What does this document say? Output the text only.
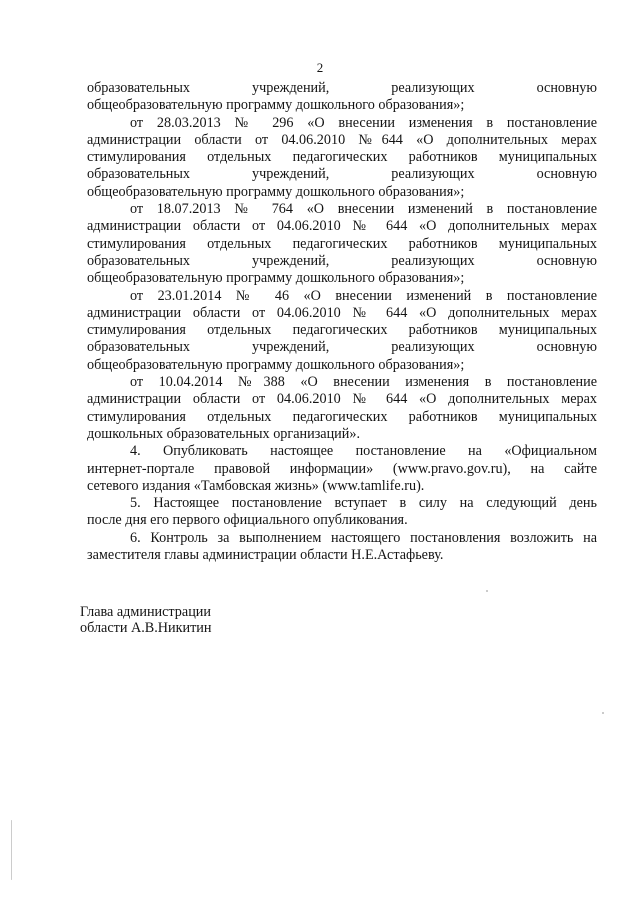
2

образовательных учреждений, реализующих основную

общеобразовательную программу дошкольного образования»;

от 28.03.2013 № 296 «О внесении изменения в постановление

администрации области от 04.06.2010 №644 «О дополнительных мерах

стимулирования отдельных педагогических работников муниципальных

образовательных учреждений, реализующих основную

общеобразовательную программу дошкольного образования»;

от 18.07.2013 № 764 «О внесении изменений в постановление

администрации области от 04.06.2010 № 644 «О дополнительных мерах

стимулирования отдельных педагогических работников муниципальных

образовательных учреждений, реализующих основную

общеобразовательную программу дошкольного образования»;

от 23.01.2014 № 46 «О внесении изменений в постановление

администрации области от 04.06.2010 № 644 «О дополнительных мерах

стимулирования отдельных педагогических работников муниципальных

образовательных учреждений, реализующих основную

общеобразовательную программу дошкольного образования»;

от 10.04.2014 №388 «О внесении изменения в постановление

администрации области от 04.06.2010 № 644 «О дополнительных мерах

стимулирования отдельных педагогических работников муниципальных

дошкольных образовательных организаций».

4. Опубликовать настоящее постановление на «Официальном

интернет-портале правовой информации» (www.pravo.gov.ru), на сайте

сетевого издания «Тамбовская жизнь» (www.tamlife.ru).

5. Настоящее постановление вступает в силу на следующий день

после дня его первого официального опубликования.

6. Контроль за выполнением настоящего постановления возложить на

заместителя главы администрации области Н.Е.Астафьеву.

Глава администрации
области А.В.Никитин
